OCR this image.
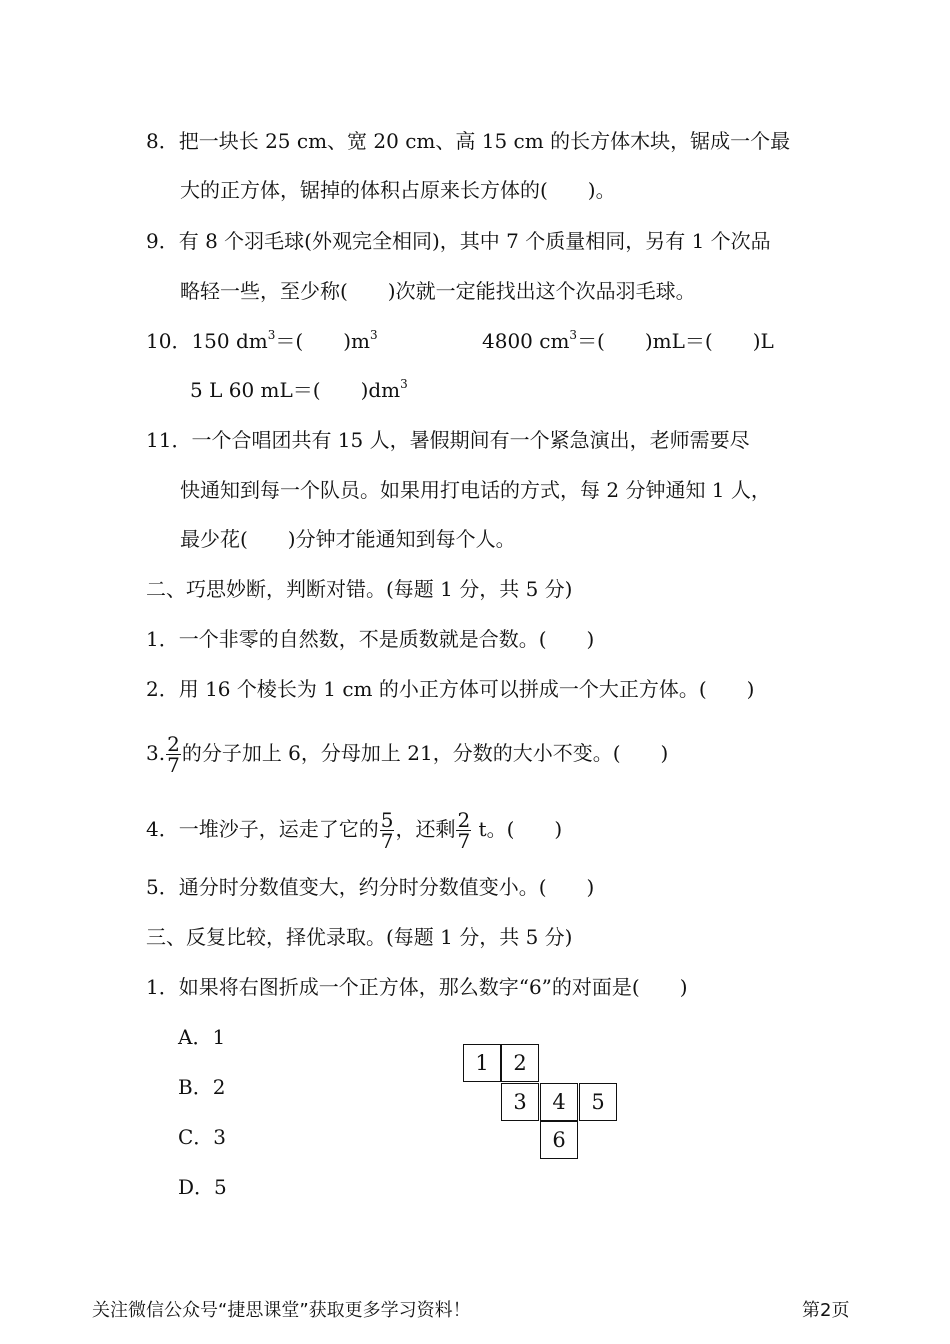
8．把一块长 25 cm、宽 20 cm、高 15 cm 的长方体木块，锯成一个最
大的正方体，锯掉的体积占原来长方体的(　　)。
9．有 8 个羽毛球(外观完全相同)，其中 7 个质量相同，另有 1 个次品
略轻一些，至少称(　　)次就一定能找出这个次品羽毛球。
10．150 $dm^3=$(　　)$m^3$	4800 $cm^3=$(　　)mL＝(　　)L
5 L 60 mL＝(　　)$dm^3$
11．一个合唱团共有 15 人，暑假期间有一个紧急演出，老师需要尽
快通知到每一个队员。如果用打电话的方式，每 2 分钟通知 1 人，
最少花(　　)分钟才能通知到每个人。
二、巧思妙断，判断对错。(每题 1 分，共 5 分)
1．一个非零的自然数，不是质数就是合数。(　　)
2．用 16 个棱长为 1 cm 的小正方体可以拼成一个大正方体。(　　)
3. $\frac{2}{7}$ 的分子加上 6，分母加上 21，分数的大小不变。(　　)
4．一堆沙子，运走了它的 $\frac{5}{7}$ ，还剩 $\frac{2}{7}$ t。(　　)
5．通分时分数值变大，约分时分数值变小。(　　)
三、反复比较，择优录取。(每题 1 分，共 5 分)
1．如果将右图折成一个正方体，那么数字“6”的对面是(　　)
A．1
B．2
C．3
D．5
1	2
3	4	5
6
关注微信公众号“捷思课堂”获取更多学习资料！	第2页
